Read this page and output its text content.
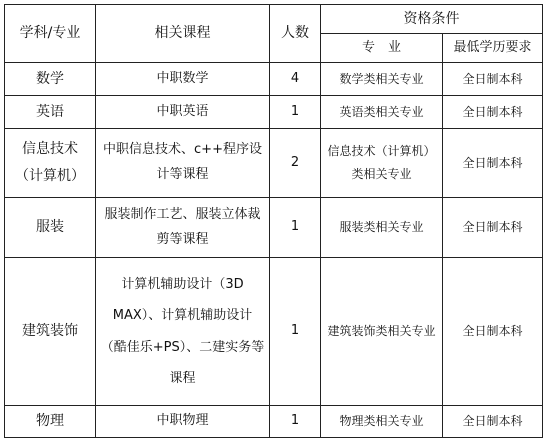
学科/专业	相关课程	人数	资格条件	
			专　业	最低学历要求
数学	中职数学	4	数学类相关专业	全日制本科
英语	中职英语	1	英语类相关专业	全日制本科
信息技术（计算机）	中职信息技术、c++程序设计等课程	2	信息技术（计算机）类相关专业	全日制本科
服装	服装制作工艺、服装立体裁剪等课程	1	服装类相关专业	全日制本科
建筑装饰	计算机辅助设计（3D MAX）、计算机辅助设计（酷佳乐+PS）、二建实务等课程	1	建筑装饰类相关专业	全日制本科
物理	中职物理	1	物理类相关专业	全日制本科
